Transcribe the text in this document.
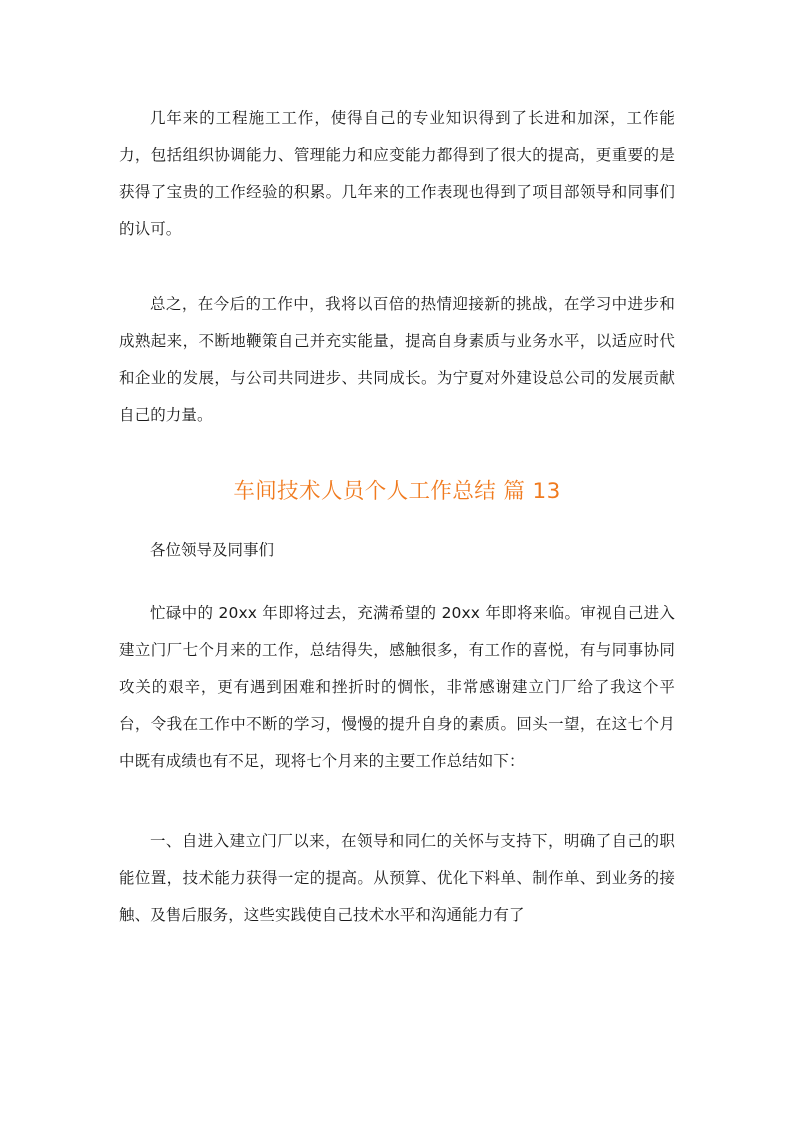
几年来的工程施工工作，使得自己的专业知识得到了长进和加深，工作能力，包括组织协调能力、管理能力和应变能力都得到了很大的提高，更重要的是获得了宝贵的工作经验的积累。几年来的工作表现也得到了项目部领导和同事们的认可。

总之，在今后的工作中，我将以百倍的热情迎接新的挑战，在学习中进步和成熟起来，不断地鞭策自己并充实能量，提高自身素质与业务水平，以适应时代和企业的发展，与公司共同进步、共同成长。为宁夏对外建设总公司的发展贡献自己的力量。

车间技术人员个人工作总结 篇 13

各位领导及同事们

忙碌中的 20xx 年即将过去，充满希望的 20xx 年即将来临。审视自己进入建立门厂七个月来的工作，总结得失，感触很多，有工作的喜悦，有与同事协同攻关的艰辛，更有遇到困难和挫折时的惆怅，非常感谢建立门厂给了我这个平台，令我在工作中不断的学习，慢慢的提升自身的素质。回头一望，在这七个月中既有成绩也有不足，现将七个月来的主要工作总结如下：

一、自进入建立门厂以来，在领导和同仁的关怀与支持下，明确了自己的职能位置，技术能力获得一定的提高。从预算、优化下料单、制作单、到业务的接触、及售后服务，这些实践使自己技术水平和沟通能力有了
